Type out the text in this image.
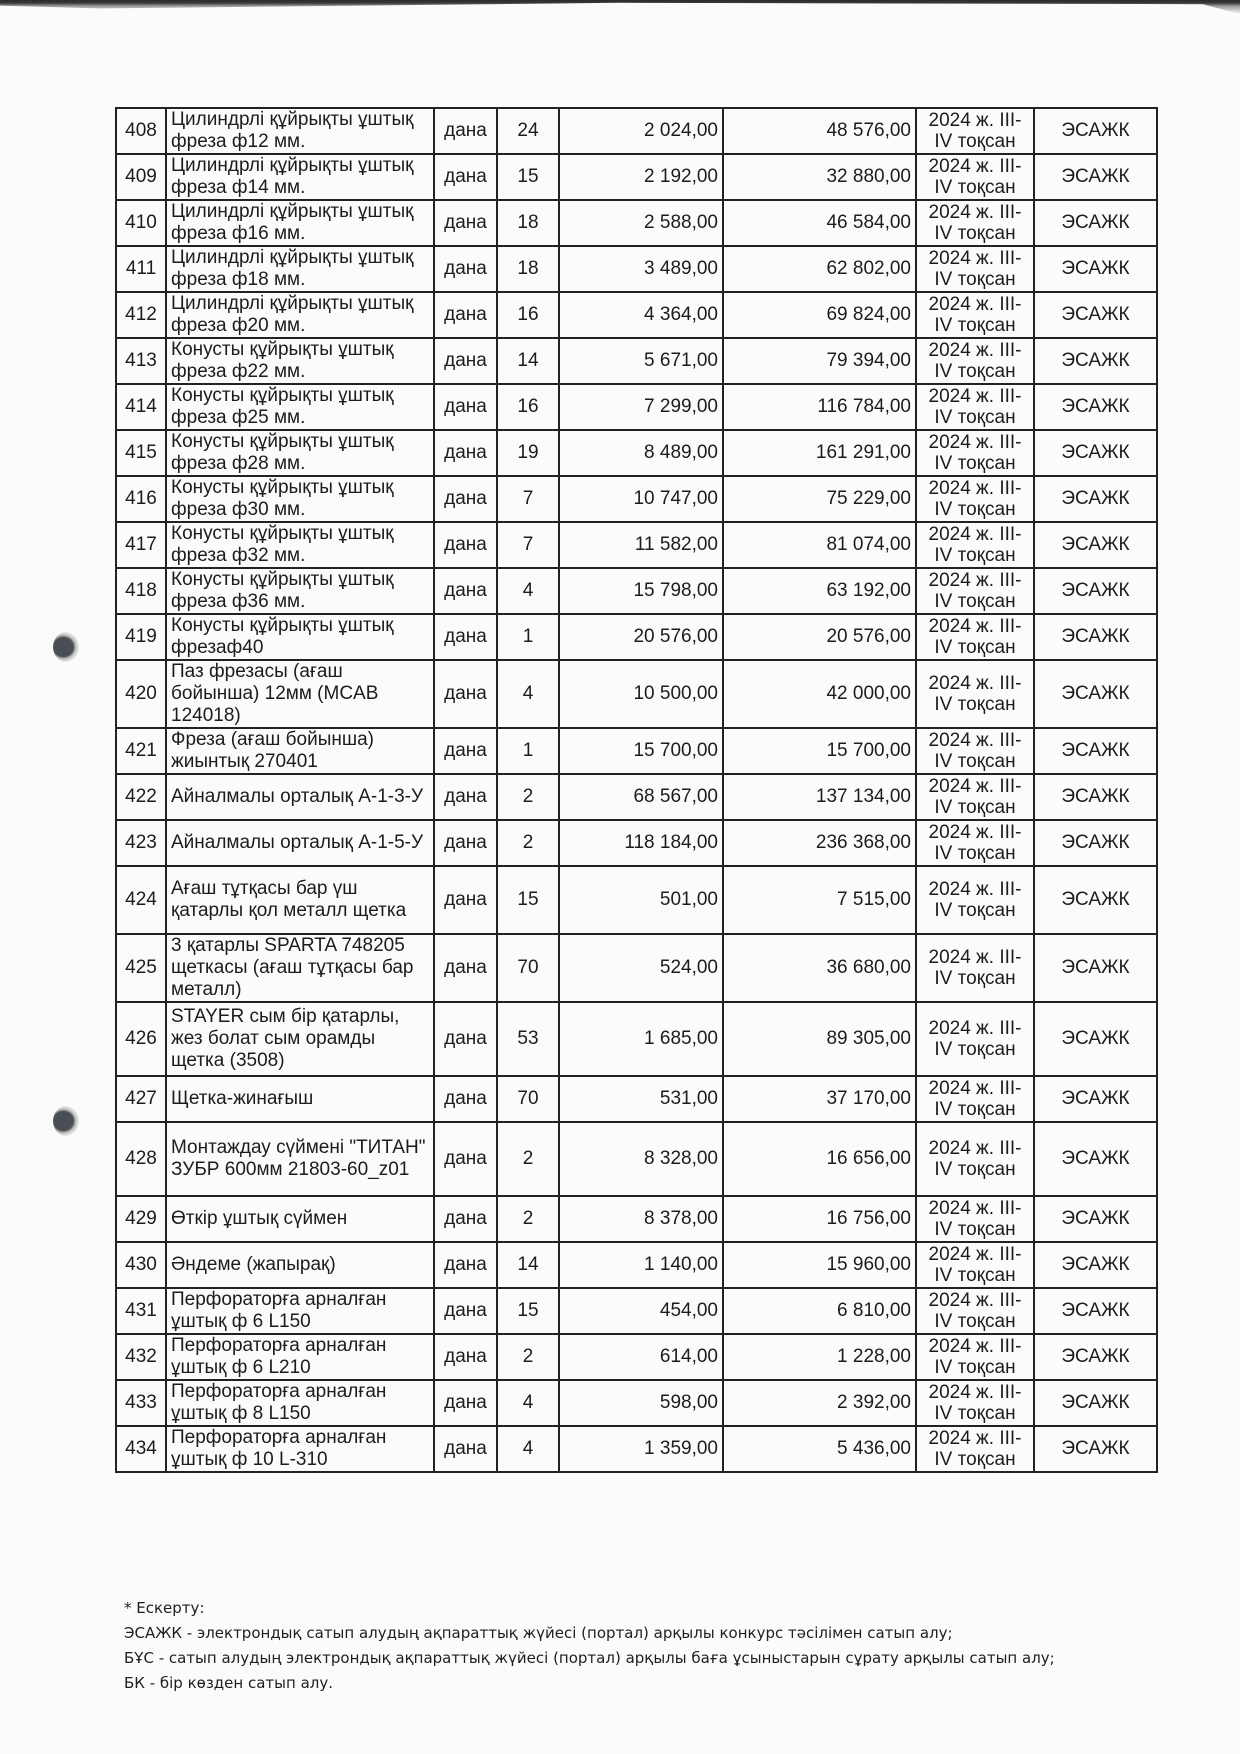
408	Цилиндрлі құйрықты ұштық фреза ф12 мм.	дана	24	2 024,00	48 576,00	2024 ж. III-
IV тоқсан	ЭСАЖК
409	Цилиндрлі құйрықты ұштық фреза ф14 мм.	дана	15	2 192,00	32 880,00	2024 ж. III-
IV тоқсан	ЭСАЖК
410	Цилиндрлі құйрықты ұштық фреза ф16 мм.	дана	18	2 588,00	46 584,00	2024 ж. III-
IV тоқсан	ЭСАЖК
411	Цилиндрлі құйрықты ұштық фреза ф18 мм.	дана	18	3 489,00	62 802,00	2024 ж. III-
IV тоқсан	ЭСАЖК
412	Цилиндрлі құйрықты ұштық фреза ф20 мм.	дана	16	4 364,00	69 824,00	2024 ж. III-
IV тоқсан	ЭСАЖК
413	Конусты құйрықты ұштық фреза ф22 мм.	дана	14	5 671,00	79 394,00	2024 ж. III-
IV тоқсан	ЭСАЖК
414	Конусты құйрықты ұштық фреза ф25 мм.	дана	16	7 299,00	116 784,00	2024 ж. III-
IV тоқсан	ЭСАЖК
415	Конусты құйрықты ұштық фреза ф28 мм.	дана	19	8 489,00	161 291,00	2024 ж. III-
IV тоқсан	ЭСАЖК
416	Конусты құйрықты ұштық фреза ф30 мм.	дана	7	10 747,00	75 229,00	2024 ж. III-
IV тоқсан	ЭСАЖК
417	Конусты құйрықты ұштық фреза ф32 мм.	дана	7	11 582,00	81 074,00	2024 ж. III-
IV тоқсан	ЭСАЖК
418	Конусты құйрықты ұштық фреза ф36 мм.	дана	4	15 798,00	63 192,00	2024 ж. III-
IV тоқсан	ЭСАЖК
419	Конусты құйрықты ұштық фрезаф40	дана	1	20 576,00	20 576,00	2024 ж. III-
IV тоқсан	ЭСАЖК
420	Паз фрезасы (ағаш бойынша) 12мм (MCAB 124018)	дана	4	10 500,00	42 000,00	2024 ж. III-
IV тоқсан	ЭСАЖК
421	Фреза (ағаш бойынша) жиынтық 270401	дана	1	15 700,00	15 700,00	2024 ж. III-
IV тоқсан	ЭСАЖК
422	Айналмалы орталық А-1-3-У	дана	2	68 567,00	137 134,00	2024 ж. III-
IV тоқсан	ЭСАЖК
423	Айналмалы орталық А-1-5-У	дана	2	118 184,00	236 368,00	2024 ж. III-
IV тоқсан	ЭСАЖК
424	Ағаш тұтқасы бар үш қатарлы қол металл щетка	дана	15	501,00	7 515,00	2024 ж. III-
IV тоқсан	ЭСАЖК
425	3 қатарлы SPARTA 748205 щеткасы (ағаш тұтқасы бар металл)	дана	70	524,00	36 680,00	2024 ж. III-
IV тоқсан	ЭСАЖК
426	STAYER сым бір қатарлы, жез болат сым орамды щетка (3508)	дана	53	1 685,00	89 305,00	2024 ж. III-
IV тоқсан	ЭСАЖК
427	Щетка-жинағыш	дана	70	531,00	37 170,00	2024 ж. III-
IV тоқсан	ЭСАЖК
428	Монтаждау сүймені "ТИТАН" ЗУБР 600мм 21803-60_z01	дана	2	8 328,00	16 656,00	2024 ж. III-
IV тоқсан	ЭСАЖК
429	Өткір ұштық сүймен	дана	2	8 378,00	16 756,00	2024 ж. III-
IV тоқсан	ЭСАЖК
430	Әндеме (жапырақ)	дана	14	1 140,00	15 960,00	2024 ж. III-
IV тоқсан	ЭСАЖК
431	Перфораторға арналған ұштық ф 6 L150	дана	15	454,00	6 810,00	2024 ж. III-
IV тоқсан	ЭСАЖК
432	Перфораторға арналған ұштық ф 6 L210	дана	2	614,00	1 228,00	2024 ж. III-
IV тоқсан	ЭСАЖК
433	Перфораторға арналған ұштық ф 8 L150	дана	4	598,00	2 392,00	2024 ж. III-
IV тоқсан	ЭСАЖК
434	Перфораторға арналған ұштық ф 10 L-310	дана	4	1 359,00	5 436,00	2024 ж. III-
IV тоқсан	ЭСАЖК
* Ескерту:
ЭСАЖК - электрондық сатып алудың ақпараттық жүйесі (портал) арқылы конкурс тәсілімен сатып алу;
БҰС - сатып алудың электрондық ақпараттық жүйесі (портал) арқылы баға ұсыныстарын сұрату арқылы сатып алу;
БК - бір көзден сатып алу.
